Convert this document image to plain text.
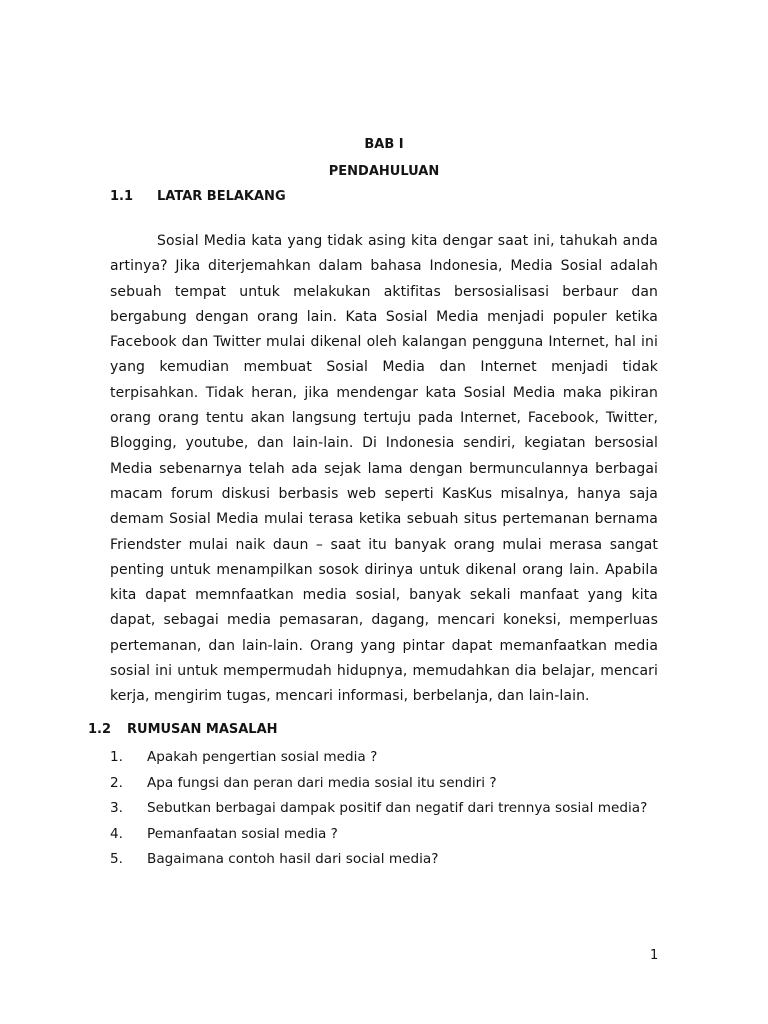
BAB I
PENDAHULUAN
1.1 LATAR BELAKANG

Sosial Media kata yang tidak asing kita dengar saat ini, tahukah anda artinya? Jika diterjemahkan dalam bahasa Indonesia, Media Sosial adalah sebuah tempat untuk melakukan aktifitas bersosialisasi berbaur dan bergabung dengan orang lain. Kata Sosial Media menjadi populer ketika Facebook dan Twitter mulai dikenal oleh kalangan pengguna Internet, hal ini yang kemudian membuat Sosial Media dan Internet menjadi tidak terpisahkan. Tidak heran, jika mendengar kata Sosial Media maka pikiran orang orang tentu akan langsung tertuju pada Internet, Facebook, Twitter, Blogging, youtube, dan lain-lain. Di Indonesia sendiri, kegiatan bersosial Media sebenarnya telah ada sejak lama dengan bermunculannya berbagai macam forum diskusi berbasis web seperti KasKus misalnya, hanya saja demam Sosial Media mulai terasa ketika sebuah situs pertemanan bernama Friendster mulai naik daun – saat itu banyak orang mulai merasa sangat penting untuk menampilkan sosok dirinya untuk dikenal orang lain. Apabila kita dapat memnfaatkan media sosial, banyak sekali manfaat yang kita dapat, sebagai media pemasaran, dagang, mencari koneksi, memperluas pertemanan, dan lain-lain. Orang yang pintar dapat memanfaatkan media sosial ini untuk mempermudah hidupnya, memudahkan dia belajar, mencari kerja, mengirim tugas, mencari informasi, berbelanja, dan lain-lain.

1.2 RUMUSAN MASALAH
1. Apakah pengertian sosial media ?
2. Apa fungsi dan peran dari media sosial itu sendiri ?
3. Sebutkan berbagai dampak positif dan negatif dari trennya sosial media?
4. Pemanfaatan sosial media ?
5. Bagaimana contoh hasil dari social media?
1
